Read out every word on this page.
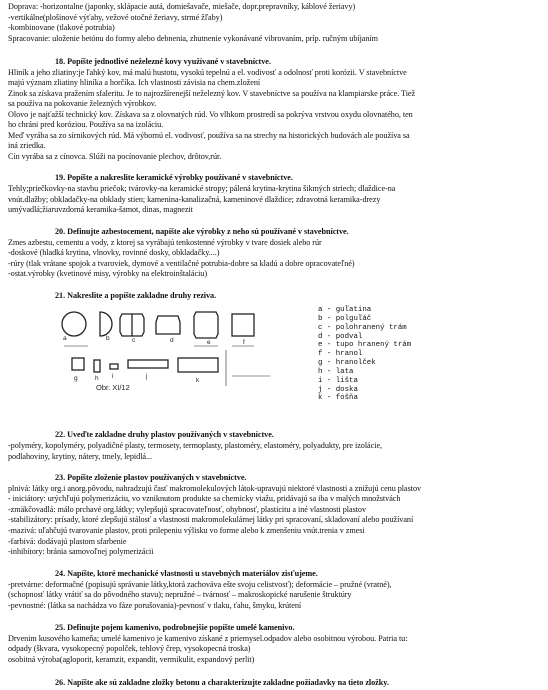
Doprava: -horizontalne (japonky, sklápacie autá, domiešavače, miešače, dopr.prepravníky, káblové žeriavy)
-vertikálne(plošinové výťahy, vežové otočné žeriavy, strmé žľaby)
-kombinovane (tlakové potrubia)
Spracovanie: uloženie betónu do formy alebo debnenia, zhutnenie vykonávané vibrovaním, príp. ručným ubíjaním
18. Popíšte jednotlivé neželezné kovy využívané v stavebníctve.
Hliník a jeho zliatiny:je ľahký kov, má malú hustotu, vysokú tepelnú a el. vodivosť a odolnosť proti korózii. V stavebníctve
majú význam zliatiny hliníka a horčíka. Ich vlastnosti závisia na chem.zložení
Zinok sa získava pražením sfaleritu. Je to najrozšírenejší neželezný kov. V stavebníctve sa používa na klampiarske práce. Tiež
sa používa na pokovanie železných výrobkov.
Olovo je najťažší technický kov. Získava sa z olovnatých rúd. Vo vlhkom prostredí sa pokrýva vrstvou oxydu olovnatého, ten
ho chráni pred koróziou. Používa sa na izoláciu.
Meď vyrába sa zo sírnikových rúd. Má výbornú el. vodivosť, používa sa na strechy na historických budovách ale používa sa
iná zriedka.
Cín vyrába sa z cínovca. Slúži na pocínovanie plechov, drôtov,rúr.
19. Popíšte a nakreslite keramické výrobky používané v stavebníctve.
Tehly;priečkovky-na stavbu priečok; tvárovky-na keramické stropy; pálená krytina-krytina šikmých striech; dlaždice-na
vnút.dlažby; obkladačky-na obklady stien; kamenina-kanalizačná, kameninové dlaždice; zdravotná keramika-drezy
umývadlá;žiaruvzdorná keramika-šamot, dinas, magnezit
20. Definujte azbestocement, napíšte ake výrobky z neho sú používané v stavebníctve.
Zmes azbestu, cementu a vody, z ktorej sa vyrábajú tenkostenné výrobky v tvare dosiek alebo rúr
-doskové (hladká krytina, vlnovky, rovinné dosky, obkladačky....)
-rúry (tlak vrátane spojok a tvaroviek, dymové a ventilačné potrubia-dobre sa kladú a dobre opracovateľné)
-ostat.výrobky (kvetinové misy, výrobky na elektroinštaláciu)
21. Nakreslite a popíšte zakladne druhy reziva.
22. Uveďte zakladne druhy plastov používaných v stavebníctve.
-polyméry, kopolyméry, polyadičné plasty, termosety, termoplasty, plastoméry, elastoméry, polyadukty, pre izolácie,
podlahoviny, krytiny, nátery, tmely, lepidlá...
23. Popíšte zloženie plastov používaných v stavebníctve.
plnivá: látky org.i anorg.pôvodu, nahradzujú časť makromolekulových látok-upravujú niektoré vlastnosti a znižujú cenu plastov
- iniciátory: urýchľujú polymerizáciu, vo vzniknutom produkte sa chemicky viažu, pridávajú sa iba v malých množstvách
-zmäkčovadlá: málo prchavé org.látky; vylepšujú spracovateľnosť, ohybnosť, plasticitu a iné vlastnosti plastov
-stabilizátory: prísady, ktoré zlepšujú stálosť a vlastnosti makromolekulárnej látky pri spracovaní, skladovaní alebo používaní
-mazivá: uľahčujú tvarovanie plastov, proti prilepeniu výlisku vo forme alebo k zmenšeniu vnút.trenia v zmesi
-farbivá: dodávajú plastom sfarbenie
-inhibítory: bránia samovoľnej polymerizácii
24. Napíšte, ktoré mechanické vlastnosti u stavebných materiálov zisťujeme.
-pretvárne: deformačné (popisujú správanie látky,ktorá zachováva ešte svoju celistvosť); deformácie – pružné (vratné),
(schopnosť látky vrátiť sa do pôvodného stavu); nepružné – tvárnosť – makroskopické narušenie štruktúry
-pevnostné: (látka sa nachádza vo fáze porušovania)-pevnosť v tlaku, ťahu, šmyku, krútení
25. Definujte pojem kamenivo, podrobnejšie popíšte umelé kamenivo.
Drvenim kusového kameňa; umelé kamenivo je kamenivo získané z priemysel.odpadov alebo osobitnou výrobou. Patria tu:
odpady (škvara, vysokopecný popolček, tehlový črep, vysokopecná troska)
osobitná výroba(agloporit, keramzit, expandit, vermikulit, expandový perlit)
26. Napíšte ake sú zakladne zložky betonu a charakterizujte zakladne požiadavky na tieto zložky.
a	b	c	d	e	f
g	h i	j
k
Obr. XI/12
a - guľatina
b - polguľáč
c - polohranený trám
d - podval
e - tupo hranený trám
f - hranol
g - hranolček
h - lata
i - lišta
j - doska
k - fošňa
